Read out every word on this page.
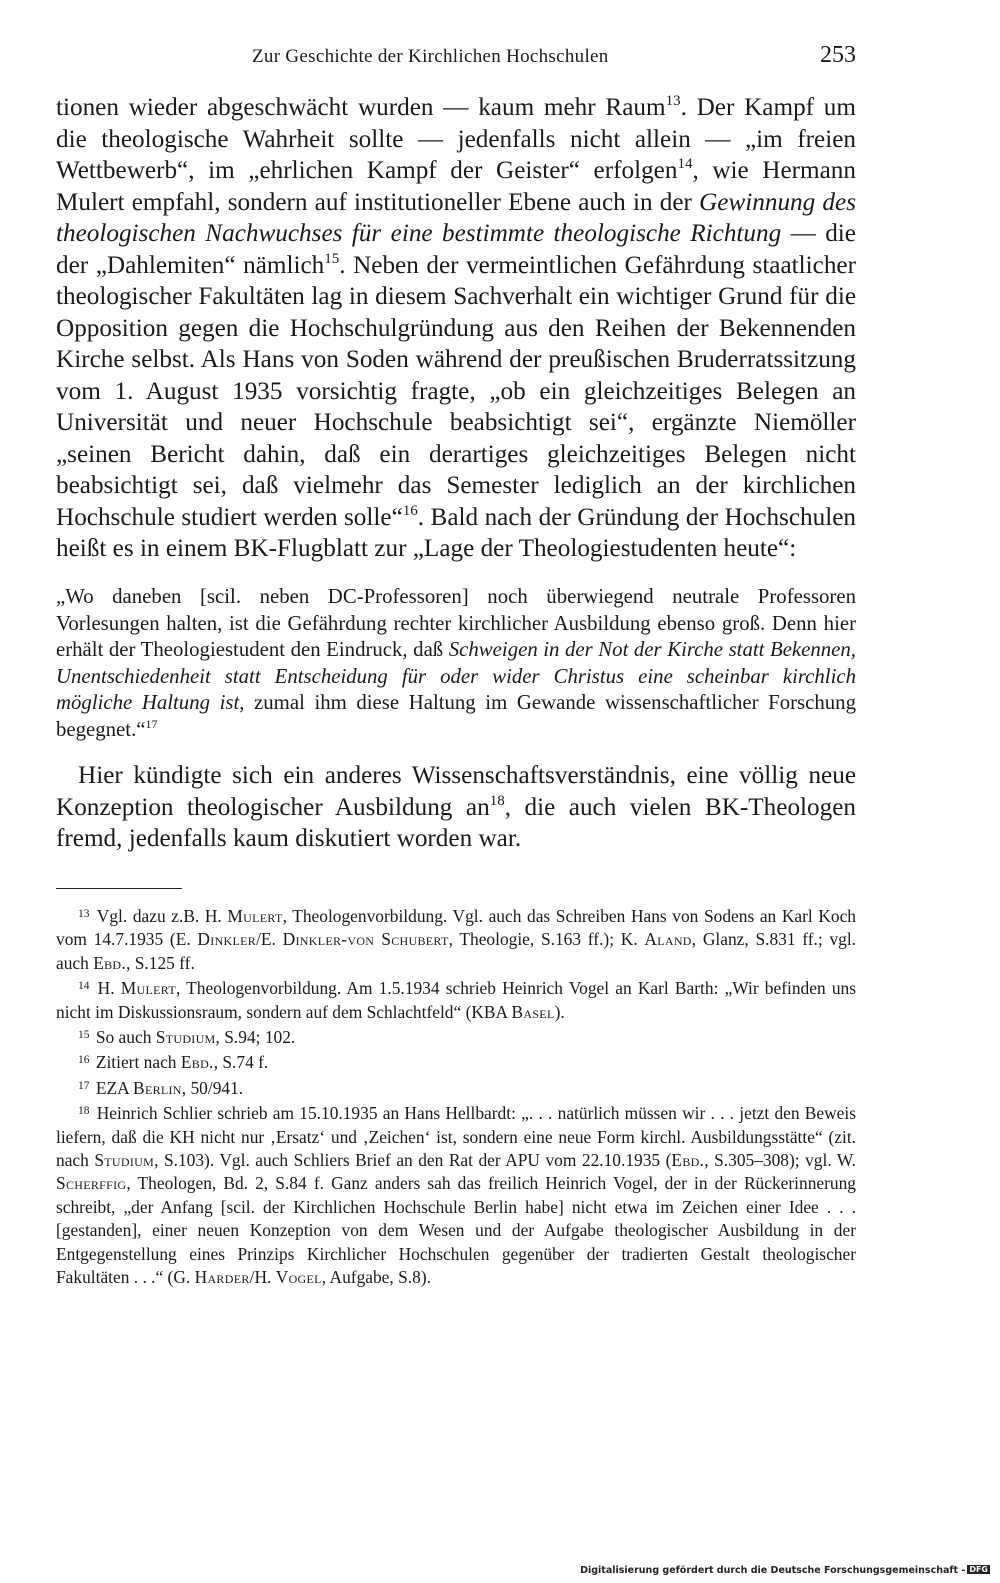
Zur Geschichte der Kirchlichen Hochschulen	253

tionen wieder abgeschwächt wurden — kaum mehr Raum$^{13}$. Der Kampf um die theologische Wahrheit sollte — jedenfalls nicht allein — „im freien Wettbewerb“, im „ehrlichen Kampf der Geister“ erfolgen$^{14}$, wie Hermann Mulert empfahl, sondern auf institutioneller Ebene auch in der Gewinnung des theologischen Nachwuchses für eine bestimmte theologische Richtung — die der „Dahlemiten“ nämlich$^{15}$. Neben der vermeintlichen Gefährdung staatlicher theologischer Fakultäten lag in diesem Sachverhalt ein wichtiger Grund für die Opposition gegen die Hochschulgründung aus den Reihen der Bekennenden Kirche selbst. Als Hans von Soden während der preußischen Bruderratssitzung vom 1. August 1935 vorsichtig fragte, „ob ein gleichzeitiges Belegen an Universität und neuer Hochschule beabsichtigt sei“, ergänzte Niemöller „seinen Bericht dahin, daß ein derartiges gleichzeitiges Belegen nicht beabsichtigt sei, daß vielmehr das Semester lediglich an der kirchlichen Hochschule studiert werden solle“$^{16}$. Bald nach der Gründung der Hochschulen heißt es in einem BK-Flugblatt zur „Lage der Theologiestudenten heute“:

„Wo daneben [scil. neben DC-Professoren] noch überwiegend neutrale Professoren Vorlesungen halten, ist die Gefährdung rechter kirchlicher Ausbildung ebenso groß. Denn hier erhält der Theologiestudent den Eindruck, daß Schweigen in der Not der Kirche statt Bekennen, Unentschiedenheit statt Entscheidung für oder wider Christus eine scheinbar kirchlich mögliche Haltung ist, zumal ihm diese Haltung im Gewande wissenschaftlicher Forschung begegnet.“$^{17}$

Hier kündigte sich ein anderes Wissenschaftsverständnis, eine völlig neue Konzeption theologischer Ausbildung $an^{18}$, die auch vielen BK-Theologen fremd, jedenfalls kaum diskutiert worden war.

$^{13}$ Vgl. dazu z.B. H. Mulert, Theologenvorbildung. Vgl. auch das Schreiben Hans von Sodens an Karl Koch vom 14.7.1935 (E. Dinkler/E. Dinkler-von Schubert, Theologie, S.163 ff.); K. Aland, Glanz, S.831 ff.; vgl. auch Ebd., S.125 ff.

$^{14}$ H. Mulert, Theologenvorbildung. Am 1.5.1934 schrieb Heinrich Vogel an Karl Barth: „Wir befinden uns nicht im Diskussionsraum, sondern auf dem Schlachtfeld“ (KBA Basel).

$^{15}$ So auch Studium, S.94; 102.

$^{16}$ Zitiert nach Ebd., S.74 f.

$^{17}$ EZA Berlin, 50/941.

$^{18}$ Heinrich Schlier schrieb am 15.10.1935 an Hans Hellbardt: „. . . natürlich müssen wir . . . jetzt den Beweis liefern, daß die KH nicht nur ‚Ersatz‘ und ‚Zeichen‘ ist, sondern eine neue Form kirchl. Ausbildungsstätte“ (zit. nach Studium, S.103). Vgl. auch Schliers Brief an den Rat der APU vom 22.10.1935 (Ebd., S.305–308); vgl. W. Scherffig, Theologen, Bd. 2, S.84 f. Ganz anders sah das freilich Heinrich Vogel, der in der Rückerinnerung schreibt, „der Anfang [scil. der Kirchlichen Hochschule Berlin habe] nicht etwa im Zeichen einer Idee . . . [gestanden], einer neuen Konzeption von dem Wesen und der Aufgabe theologischer Ausbildung in der Entgegenstellung eines Prinzips Kirchlicher Hochschulen gegenüber der tradierten Gestalt theologischer Fakultäten . . .“ (G. Harder/H. Vogel, Aufgabe, S.8).

Digitalisierung gefördert durch die Deutsche Forschungsgemeinschaft - DFG
